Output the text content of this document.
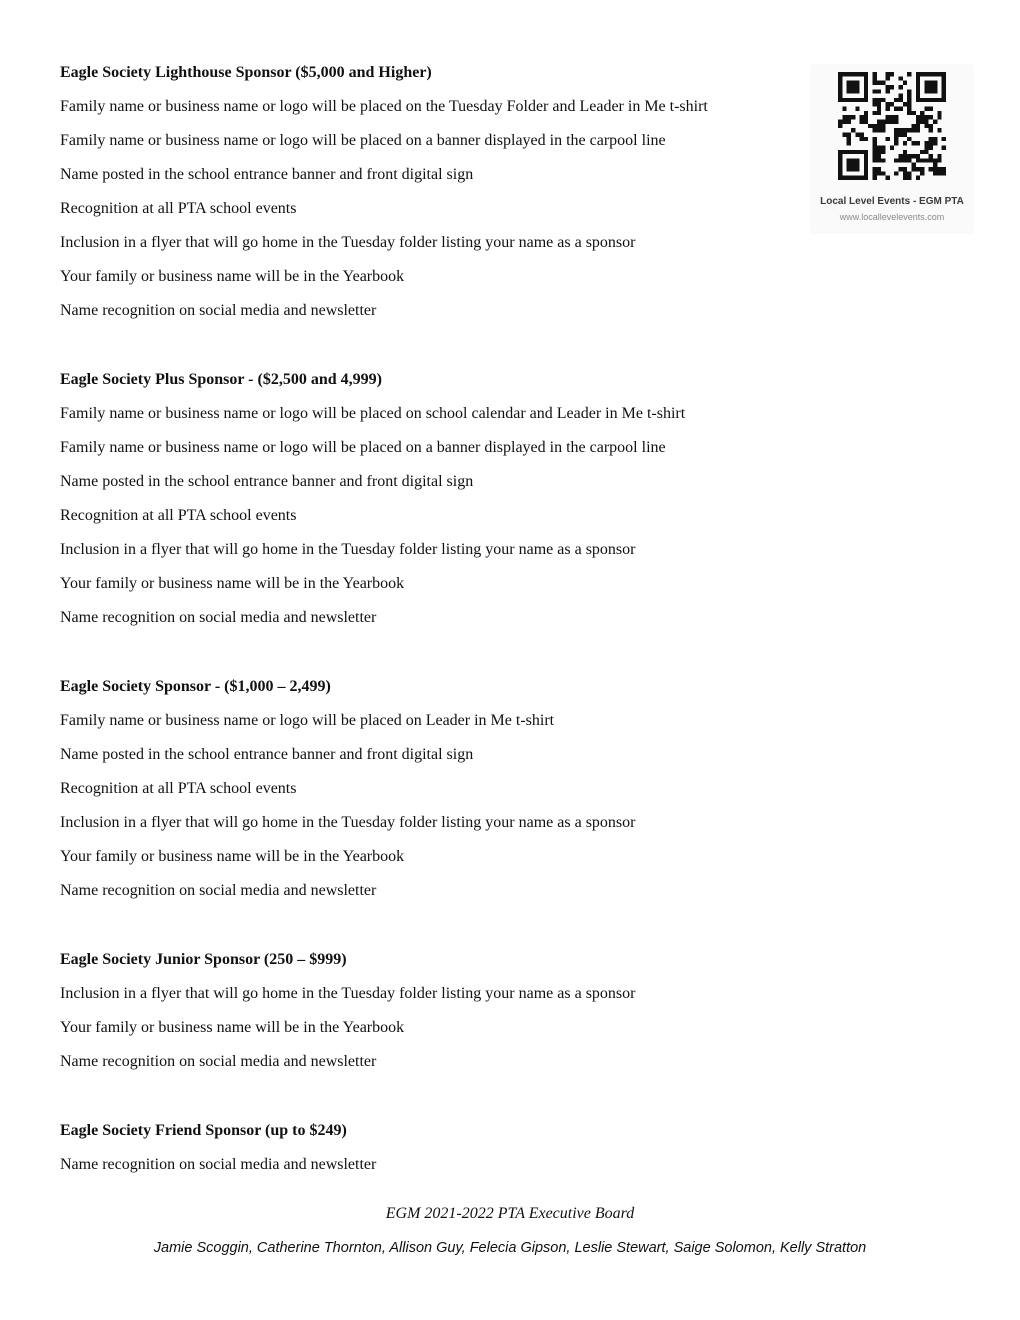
Eagle Society Lighthouse Sponsor ($5,000 and Higher)
Family name or business name or logo will be placed on the Tuesday Folder and Leader in Me t-shirt
Family name or business name or logo will be placed on a banner displayed in the carpool line
Name posted in the school entrance banner and front digital sign
Recognition at all PTA school events
Inclusion in a flyer that will go home in the Tuesday folder listing your name as a sponsor
Your family or business name will be in the Yearbook
Name recognition on social media and newsletter
Eagle Society Plus Sponsor - ($2,500 and 4,999)
Family name or business name or logo will be placed on school calendar and Leader in Me t-shirt
Family name or business name or logo will be placed on a banner displayed in the carpool line
Name posted in the school entrance banner and front digital sign
Recognition at all PTA school events
Inclusion in a flyer that will go home in the Tuesday folder listing your name as a sponsor
Your family or business name will be in the Yearbook
Name recognition on social media and newsletter
Eagle Society Sponsor - ($1,000 – 2,499)
Family name or business name or logo will be placed on Leader in Me t-shirt
Name posted in the school entrance banner and front digital sign
Recognition at all PTA school events
Inclusion in a flyer that will go home in the Tuesday folder listing your name as a sponsor
Your family or business name will be in the Yearbook
Name recognition on social media and newsletter
Eagle Society Junior Sponsor (250 – $999)
Inclusion in a flyer that will go home in the Tuesday folder listing your name as a sponsor
Your family or business name will be in the Yearbook
Name recognition on social media and newsletter
Eagle Society Friend Sponsor (up to $249)
Name recognition on social media and newsletter
Local Level Events - EGM PTA
www.locallevelevents.com
EGM 2021-2022 PTA Executive Board
Jamie Scoggin, Catherine Thornton, Allison Guy, Felecia Gipson, Leslie Stewart, Saige Solomon, Kelly Stratton
